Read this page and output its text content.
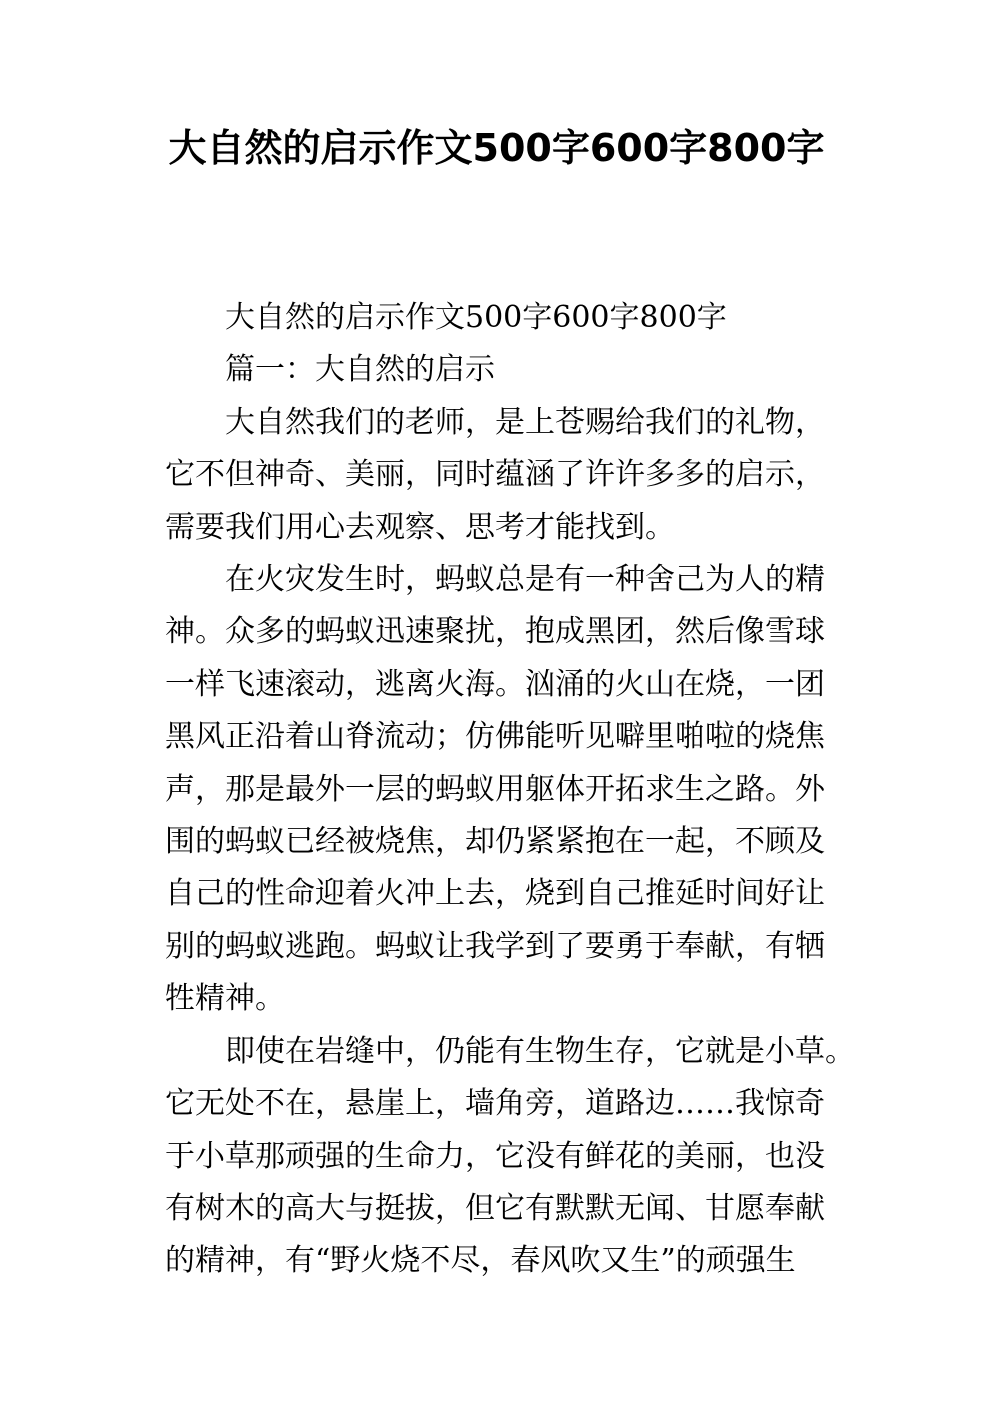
大自然的启示作文500字600字800字

大自然的启示作文500字600字800字

篇一：大自然的启示

大自然我们的老师，是上苍赐给我们的礼物，
它不但神奇、美丽，同时蕴涵了许许多多的启示，
需要我们用心去观察、思考才能找到。

在火灾发生时，蚂蚁总是有一种舍己为人的精
神。众多的蚂蚁迅速聚扰，抱成黑团，然后像雪球
一样飞速滚动，逃离火海。汹涌的火山在烧，一团
黑风正沿着山脊流动；仿佛能听见噼里啪啦的烧焦
声，那是最外一层的蚂蚁用躯体开拓求生之路。外
围的蚂蚁已经被烧焦，却仍紧紧抱在一起，不顾及
自己的性命迎着火冲上去，烧到自己推延时间好让
别的蚂蚁逃跑。蚂蚁让我学到了要勇于奉献，有牺
牲精神。

即使在岩缝中，仍能有生物生存，它就是小草。
它无处不在，悬崖上，墙角旁，道路边……我惊奇
于小草那顽强的生命力，它没有鲜花的美丽，也没
有树木的高大与挺拔，但它有默默无闻、甘愿奉献
的精神，有“野火烧不尽，春风吹又生”的顽强生
